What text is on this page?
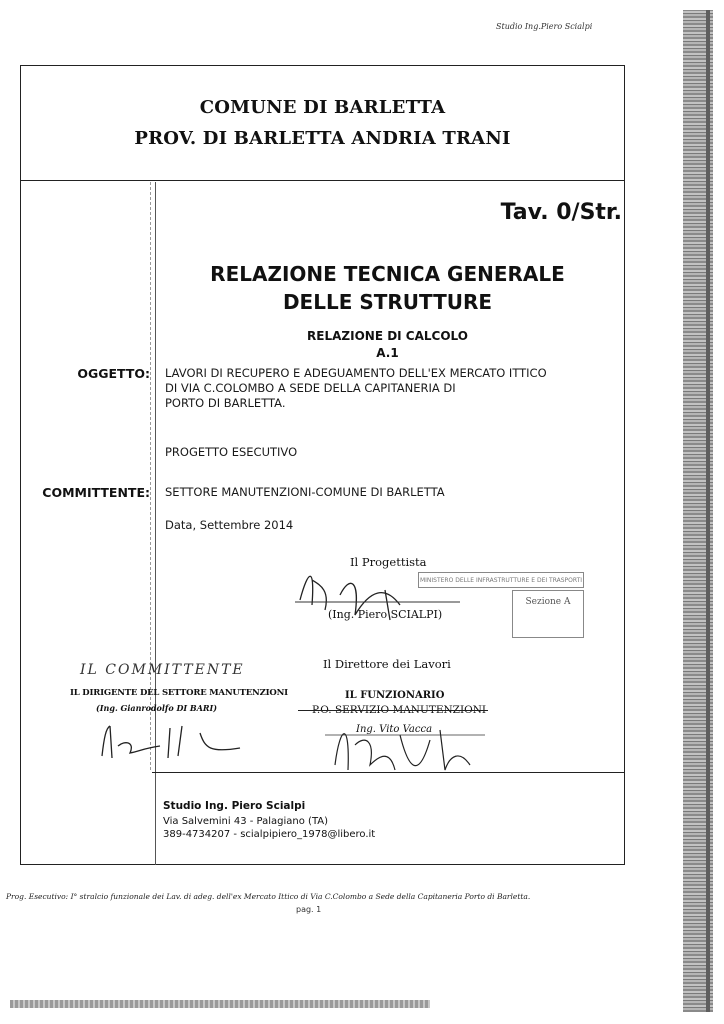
Studio Ing.Piero Scialpi
COMUNE DI BARLETTA
PROV. DI BARLETTA ANDRIA TRANI
Tav. 0/Str.
RELAZIONE TECNICA GENERALE
DELLE STRUTTURE
RELAZIONE DI CALCOLO
A.1
OGGETTO: LAVORI DI RECUPERO E ADEGUAMENTO DELL'EX MERCATO ITTICO
DI VIA C.COLOMBO A SEDE DELLA CAPITANERIA DI
PORTO DI BARLETTA.
PROGETTO ESECUTIVO
COMMITTENTE: SETTORE MANUTENZIONI-COMUNE DI BARLETTA
Data, Settembre 2014
Il Progettista
(Ing. Piero SCIALPI)
MINISTERO DELLE INFRASTRUTTURE E DEI TRASPORTI
Sezione A
Il Direttore dei Lavori
IL COMMITTENTE
IL DIRIGENTE DEL SETTORE MANUTENZIONI
(Ing. Gianrodolfo DI BARI)
IL FUNZIONARIO
P.O. SERVIZIO MANUTENZIONI
Ing. Vito Vacca
Studio Ing. Piero Scialpi
Via Salvemini 43 - Palagiano (TA)
389-4734207 - scialpipiero_1978@libero.it
Prog. Esecutivo: I° stralcio funzionale dei Lav. di adeg. dell'ex Mercato Ittico di Via C.Colombo a Sede della Capitaneria Porto di Barletta.
pag. 1
